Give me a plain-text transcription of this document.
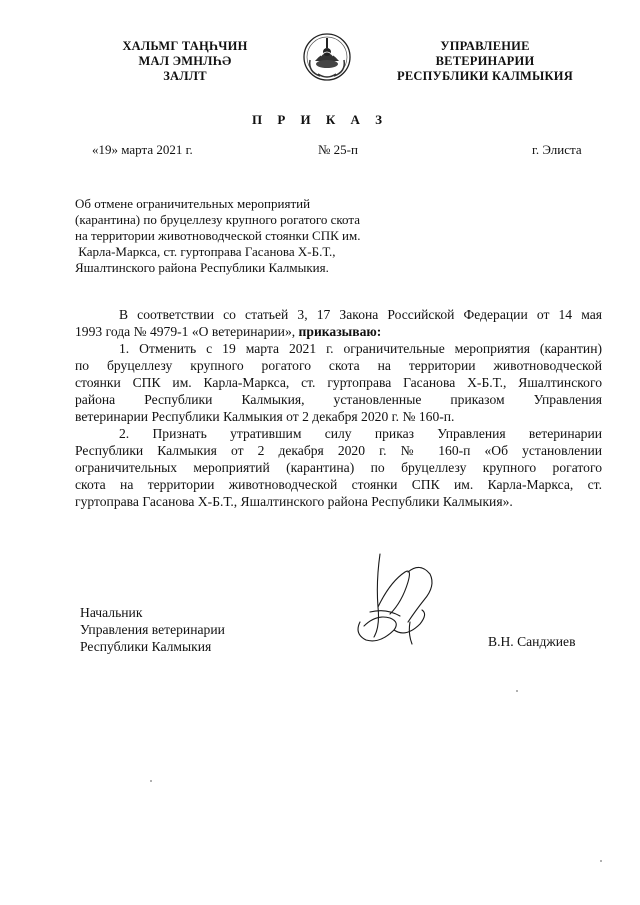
ХАЛЬМГ ТАҢҺЧИН
МАЛ ЭМНЛҺӘ
ЗАЛЛТ
УПРАВЛЕНИЕ
ВЕТЕРИНАРИИ
РЕСПУБЛИКИ КАЛМЫКИЯ
П Р И К А З
«19» марта 2021 г.	№ 25-п	г. Элиста
Об отмене ограничительных мероприятий
(карантина) по бруцеллезу крупного рогатого скота
на территории животноводческой стоянки СПК им.
Карла-Маркса, ст. гуртоправа Гасанова Х-Б.Т.,
Яшалтинского района Республики Калмыкия.

В соответствии со статьей 3, 17 Закона Российской Федерации от 14 мая
1993 года № 4979-1 «О ветеринарии», приказываю:

1. Отменить с 19 марта 2021 г. ограничительные мероприятия (карантин)
по бруцеллезу крупного рогатого скота на территории животноводческой
стоянки СПК им. Карла-Маркса, ст. гуртоправа Гасанова Х-Б.Т., Яшалтинского
района Республики Калмыкия, установленные приказом Управления
ветеринарии Республики Калмыкия от 2 декабря 2020 г. № 160-п.

2. Признать утратившим силу приказ Управления ветеринарии
Республики Калмыкия от 2 декабря 2020 г. № 160-п «Об установлении
ограничительных мероприятий (карантина) по бруцеллезу крупного рогатого
скота на территории животноводческой стоянки СПК им. Карла-Маркса, ст.
гуртоправа Гасанова Х-Б.Т., Яшалтинского района Республики Калмыкия».

Начальник
Управления ветеринарии
Республики Калмыкия	В.Н. Санджиев
